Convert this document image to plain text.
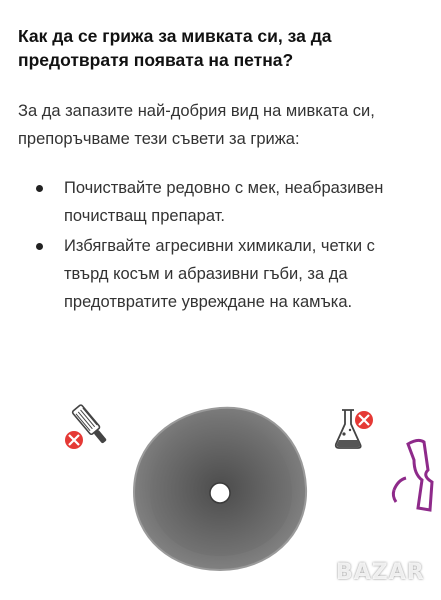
Как да се грижа за мивката си, за да предотвратя появата на петна?
За да запазите най-добрия вид на мивката си, препоръчваме тези съвети за грижа:
Почиствайте редовно с мек, неабразивен почистващ препарат.
Избягвайте агресивни химикали, четки с твърд косъм и абразивни гъби, за да предотвратите увреждане на камъка.
BAZAR
